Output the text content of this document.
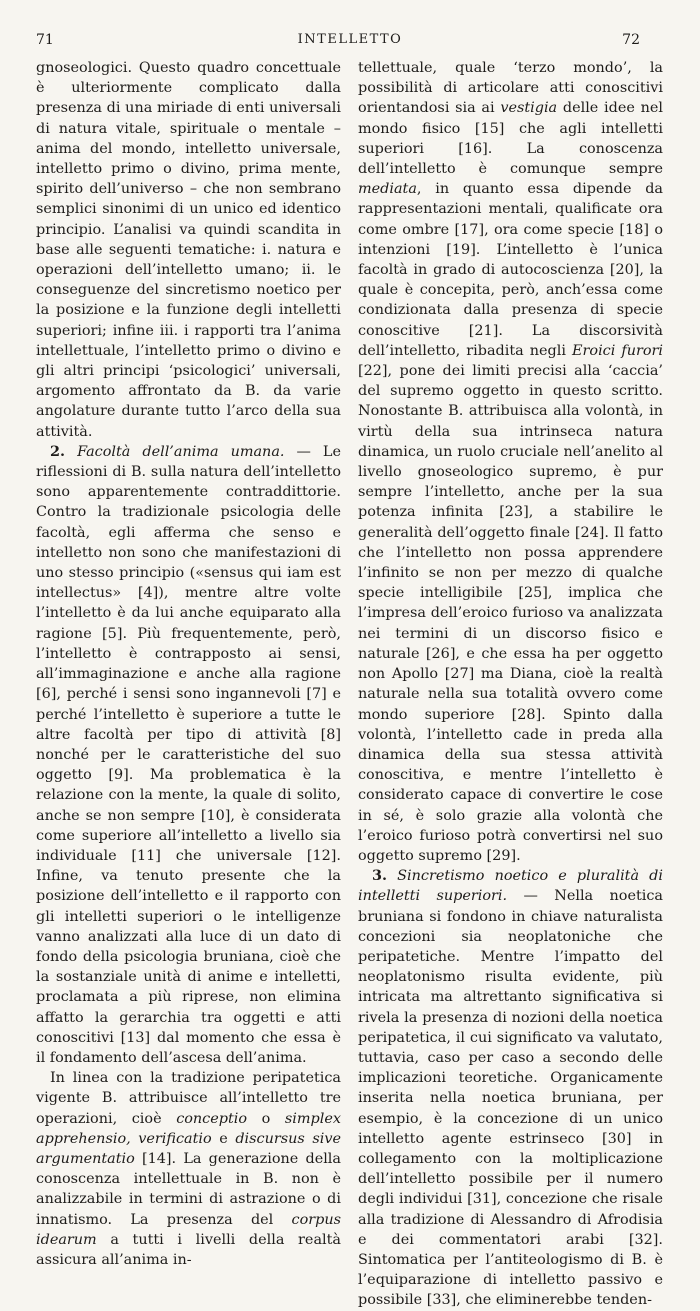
71	INTELLETTO	72

gnoseologici. Questo quadro concettuale è ulteriormente complicato dalla presenza di una miriade di enti universali di natura vitale, spirituale o mentale – anima del mondo, intelletto universale, intelletto primo o divino, prima mente, spirito dell’universo – che non sembrano semplici sinonimi di un unico ed identico principio. L’analisi va quindi scandita in base alle seguenti tematiche: i. natura e operazioni dell’intelletto umano; ii. le conseguenze del sincretismo noetico per la posizione e la funzione degli intelletti superiori; infine iii. i rapporti tra l’anima intellettuale, l’intelletto primo o divino e gli altri principi ‘psicologici’ universali, argomento affrontato da B. da varie angolature durante tutto l’arco della sua attività.

2. Facoltà dell’anima umana. — Le riflessioni di B. sulla natura dell’intelletto sono apparentemente contraddittorie. Contro la tradizionale psicologia delle facoltà, egli afferma che senso e intelletto non sono che manifestazioni di uno stesso principio («sensus qui iam est intellectus» [4]), mentre altre volte l’intelletto è da lui anche equiparato alla ragione [5]. Più frequentemente, però, l’intelletto è contrapposto ai sensi, all’immaginazione e anche alla ragione [6], perché i sensi sono ingannevoli [7] e perché l’intelletto è superiore a tutte le altre facoltà per tipo di attività [8] nonché per le caratteristiche del suo oggetto [9]. Ma problematica è la relazione con la mente, la quale di solito, anche se non sempre [10], è considerata come superiore all’intelletto a livello sia individuale [11] che universale [12]. Infine, va tenuto presente che la posizione dell’intelletto e il rapporto con gli intelletti superiori o le intelligenze vanno analizzati alla luce di un dato di fondo della psicologia bruniana, cioè che la sostanziale unità di anime e intelletti, proclamata a più riprese, non elimina affatto la gerarchia tra oggetti e atti conoscitivi [13] dal momento che essa è il fondamento dell’ascesa dell’anima.

In linea con la tradizione peripatetica vigente B. attribuisce all’intelletto tre operazioni, cioè conceptio o simplex apprehensio, verificatio e discursus sive argumentatio [14]. La generazione della conoscenza intellettuale in B. non è analizzabile in termini di astrazione o di innatismo. La presenza del corpus idearum a tutti i livelli della realtà assicura all’anima in-

tellettuale, quale ‘terzo mondo’, la possibilità di articolare atti conoscitivi orientandosi sia ai vestigia delle idee nel mondo fisico [15] che agli intelletti superiori [16]. La conoscenza dell’intelletto è comunque sempre mediata, in quanto essa dipende da rappresentazioni mentali, qualificate ora come ombre [17], ora come specie [18] o intenzioni [19]. L’intelletto è l’unica facoltà in grado di autocoscienza [20], la quale è concepita, però, anch’essa come condizionata dalla presenza di specie conoscitive [21]. La discorsività dell’intelletto, ribadita negli Eroici furori [22], pone dei limiti precisi alla ‘caccia’ del supremo oggetto in questo scritto. Nonostante B. attribuisca alla volontà, in virtù della sua intrinseca natura dinamica, un ruolo cruciale nell’anelito al livello gnoseologico supremo, è pur sempre l’intelletto, anche per la sua potenza infinita [23], a stabilire le generalità dell’oggetto finale [24]. Il fatto che l’intelletto non possa apprendere l’infinito se non per mezzo di qualche specie intelligibile [25], implica che l’impresa dell’eroico furioso va analizzata nei termini di un discorso fisico e naturale [26], e che essa ha per oggetto non Apollo [27] ma Diana, cioè la realtà naturale nella sua totalità ovvero come mondo superiore [28]. Spinto dalla volontà, l’intelletto cade in preda alla dinamica della sua stessa attività conoscitiva, e mentre l’intelletto è considerato capace di convertire le cose in sé, è solo grazie alla volontà che l’eroico furioso potrà convertirsi nel suo oggetto supremo [29].

3. Sincretismo noetico e pluralità di intelletti superiori. — Nella noetica bruniana si fondono in chiave naturalista concezioni sia neoplatoniche che peripatetiche. Mentre l’impatto del neoplatonismo risulta evidente, più intricata ma altrettanto significativa si rivela la presenza di nozioni della noetica peripatetica, il cui significato va valutato, tuttavia, caso per caso a secondo delle implicazioni teoretiche. Organicamente inserita nella noetica bruniana, per esempio, è la concezione di un unico intelletto agente estrinseco [30] in collegamento con la moltiplicazione dell’intelletto possibile per il numero degli individui [31], concezione che risale alla tradizione di Alessandro di Afrodisia e dei commentatori arabi [32]. Sintomatica per l’antiteologismo di B. è l’equiparazione di intelletto passivo e possibile [33], che eliminerebbe tenden-
